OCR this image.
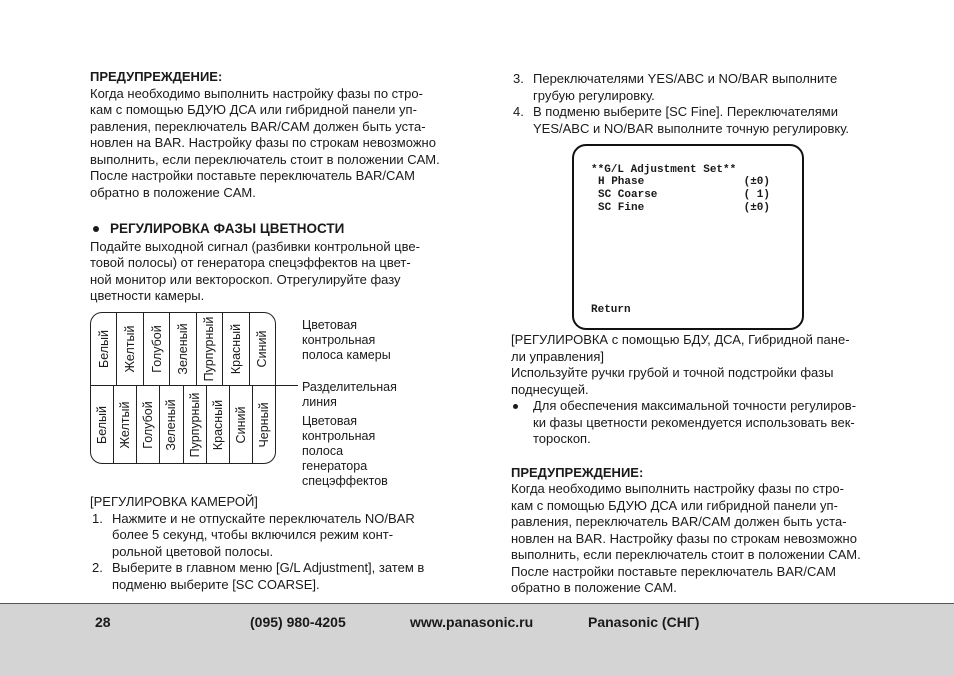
ПРЕДУПРЕЖДЕНИЕ:

Когда необходимо выполнить настройку фазы по стро-
кам с помощью БДУЮ ДСА или гибридной панели уп-
равления, переключатель BAR/CAM должен быть уста-
новлен на BAR. Настройку фазы по строкам невозможно
выполнить, если переключатель стоит в положении CAM.
После настройки поставьте переключатель BAR/CAM
обратно в положение CAM.

РЕГУЛИРОВКА ФАЗЫ ЦВЕТНОСТИ

Подайте выходной сигнал (разбивки контрольной цве-
товой полосы) от генератора спецэффектов на цвет-
ной монитор или вектороскоп. Отрегулируйте фазу
цветности камеры.
Белый Желтый Голубой Зеленый Пурпурный Красный Синий
Белый Желтый Голубой Зеленый Пурпурный Красный Синий Черный
Цветовая
контрольная
полоса камеры
Разделительная
линия
Цветовая
контрольная
полоса
генератора
спецэффектов
[РЕГУЛИРОВКА КАМЕРОЙ]
1. Нажмите и не отпускайте переключатель NO/BAR
более 5 секунд, чтобы включился режим конт-
рольной цветовой полосы.
2. Выберите в главном меню [G/L Adjustment], затем в
подменю выберите [SC COARSE].
3. Переключателями YES/ABC и NO/BAR выполните
грубую регулировку.
4. В подменю выберите [SC Fine]. Переключателями
YES/ABC и NO/BAR выполните точную регулировку.
**G/L Adjustment Set**
H Phase	(±0)
SC Coarse	( 1)
SC Fine	(±0)
Return
[РЕГУЛИРОВКА с помощью БДУ, ДСА, Гибридной пане-
ли управления]
Используйте ручки грубой и точной подстройки фазы
поднесущей.
Для обеспечения максимальной точности регулиров-
ки фазы цветности рекомендуется использовать век-
тороскоп.

ПРЕДУПРЕЖДЕНИЕ:

Когда необходимо выполнить настройку фазы по стро-
кам с помощью БДУЮ ДСА или гибридной панели уп-
равления, переключатель BAR/CAM должен быть уста-
новлен на BAR. Настройку фазы по строкам невозможно
выполнить, если переключатель стоит в положении CAM.
После настройки поставьте переключатель BAR/CAM
обратно в положение CAM.
28	(095) 980-4205	www.panasonic.ru	Panasonic (СНГ)
